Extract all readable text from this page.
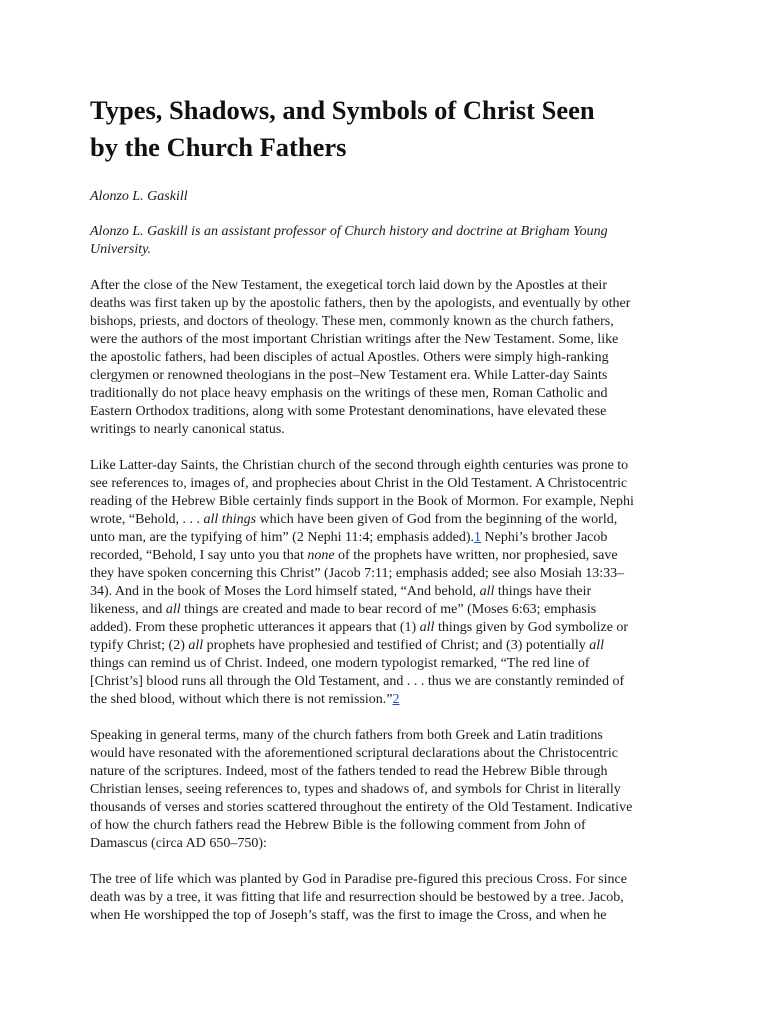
Types, Shadows, and Symbols of Christ Seen
by the Church Fathers
Alonzo L. Gaskill
Alonzo L. Gaskill is an assistant professor of Church history and doctrine at Brigham Young
University.

After the close of the New Testament, the exegetical torch laid down by the Apostles at their
deaths was first taken up by the apostolic fathers, then by the apologists, and eventually by other
bishops, priests, and doctors of theology. These men, commonly known as the church fathers,
were the authors of the most important Christian writings after the New Testament. Some, like
the apostolic fathers, had been disciples of actual Apostles. Others were simply high-ranking
clergymen or renowned theologians in the post–New Testament era. While Latter-day Saints
traditionally do not place heavy emphasis on the writings of these men, Roman Catholic and
Eastern Orthodox traditions, along with some Protestant denominations, have elevated these
writings to nearly canonical status.

Like Latter-day Saints, the Christian church of the second through eighth centuries was prone to
see references to, images of, and prophecies about Christ in the Old Testament. A Christocentric
reading of the Hebrew Bible certainly finds support in the Book of Mormon. For example, Nephi
wrote, “Behold, . . . all things which have been given of God from the beginning of the world,
unto man, are the typifying of him” (2 Nephi 11:4; emphasis added).1 Nephi’s brother Jacob
recorded, “Behold, I say unto you that none of the prophets have written, nor prophesied, save
they have spoken concerning this Christ” (Jacob 7:11; emphasis added; see also Mosiah 13:33–
34). And in the book of Moses the Lord himself stated, “And behold, all things have their
likeness, and all things are created and made to bear record of me” (Moses 6:63; emphasis
added). From these prophetic utterances it appears that (1) all things given by God symbolize or
typify Christ; (2) all prophets have prophesied and testified of Christ; and (3) potentially all
things can remind us of Christ. Indeed, one modern typologist remarked, “The red line of
[Christ’s] blood runs all through the Old Testament, and . . . thus we are constantly reminded of
the shed blood, without which there is not remission.”2

Speaking in general terms, many of the church fathers from both Greek and Latin traditions
would have resonated with the aforementioned scriptural declarations about the Christocentric
nature of the scriptures. Indeed, most of the fathers tended to read the Hebrew Bible through
Christian lenses, seeing references to, types and shadows of, and symbols for Christ in literally
thousands of verses and stories scattered throughout the entirety of the Old Testament. Indicative
of how the church fathers read the Hebrew Bible is the following comment from John of
Damascus (circa AD 650–750):

The tree of life which was planted by God in Paradise pre-figured this precious Cross. For since
death was by a tree, it was fitting that life and resurrection should be bestowed by a tree. Jacob,
when He worshipped the top of Joseph’s staff, was the first to image the Cross, and when he
